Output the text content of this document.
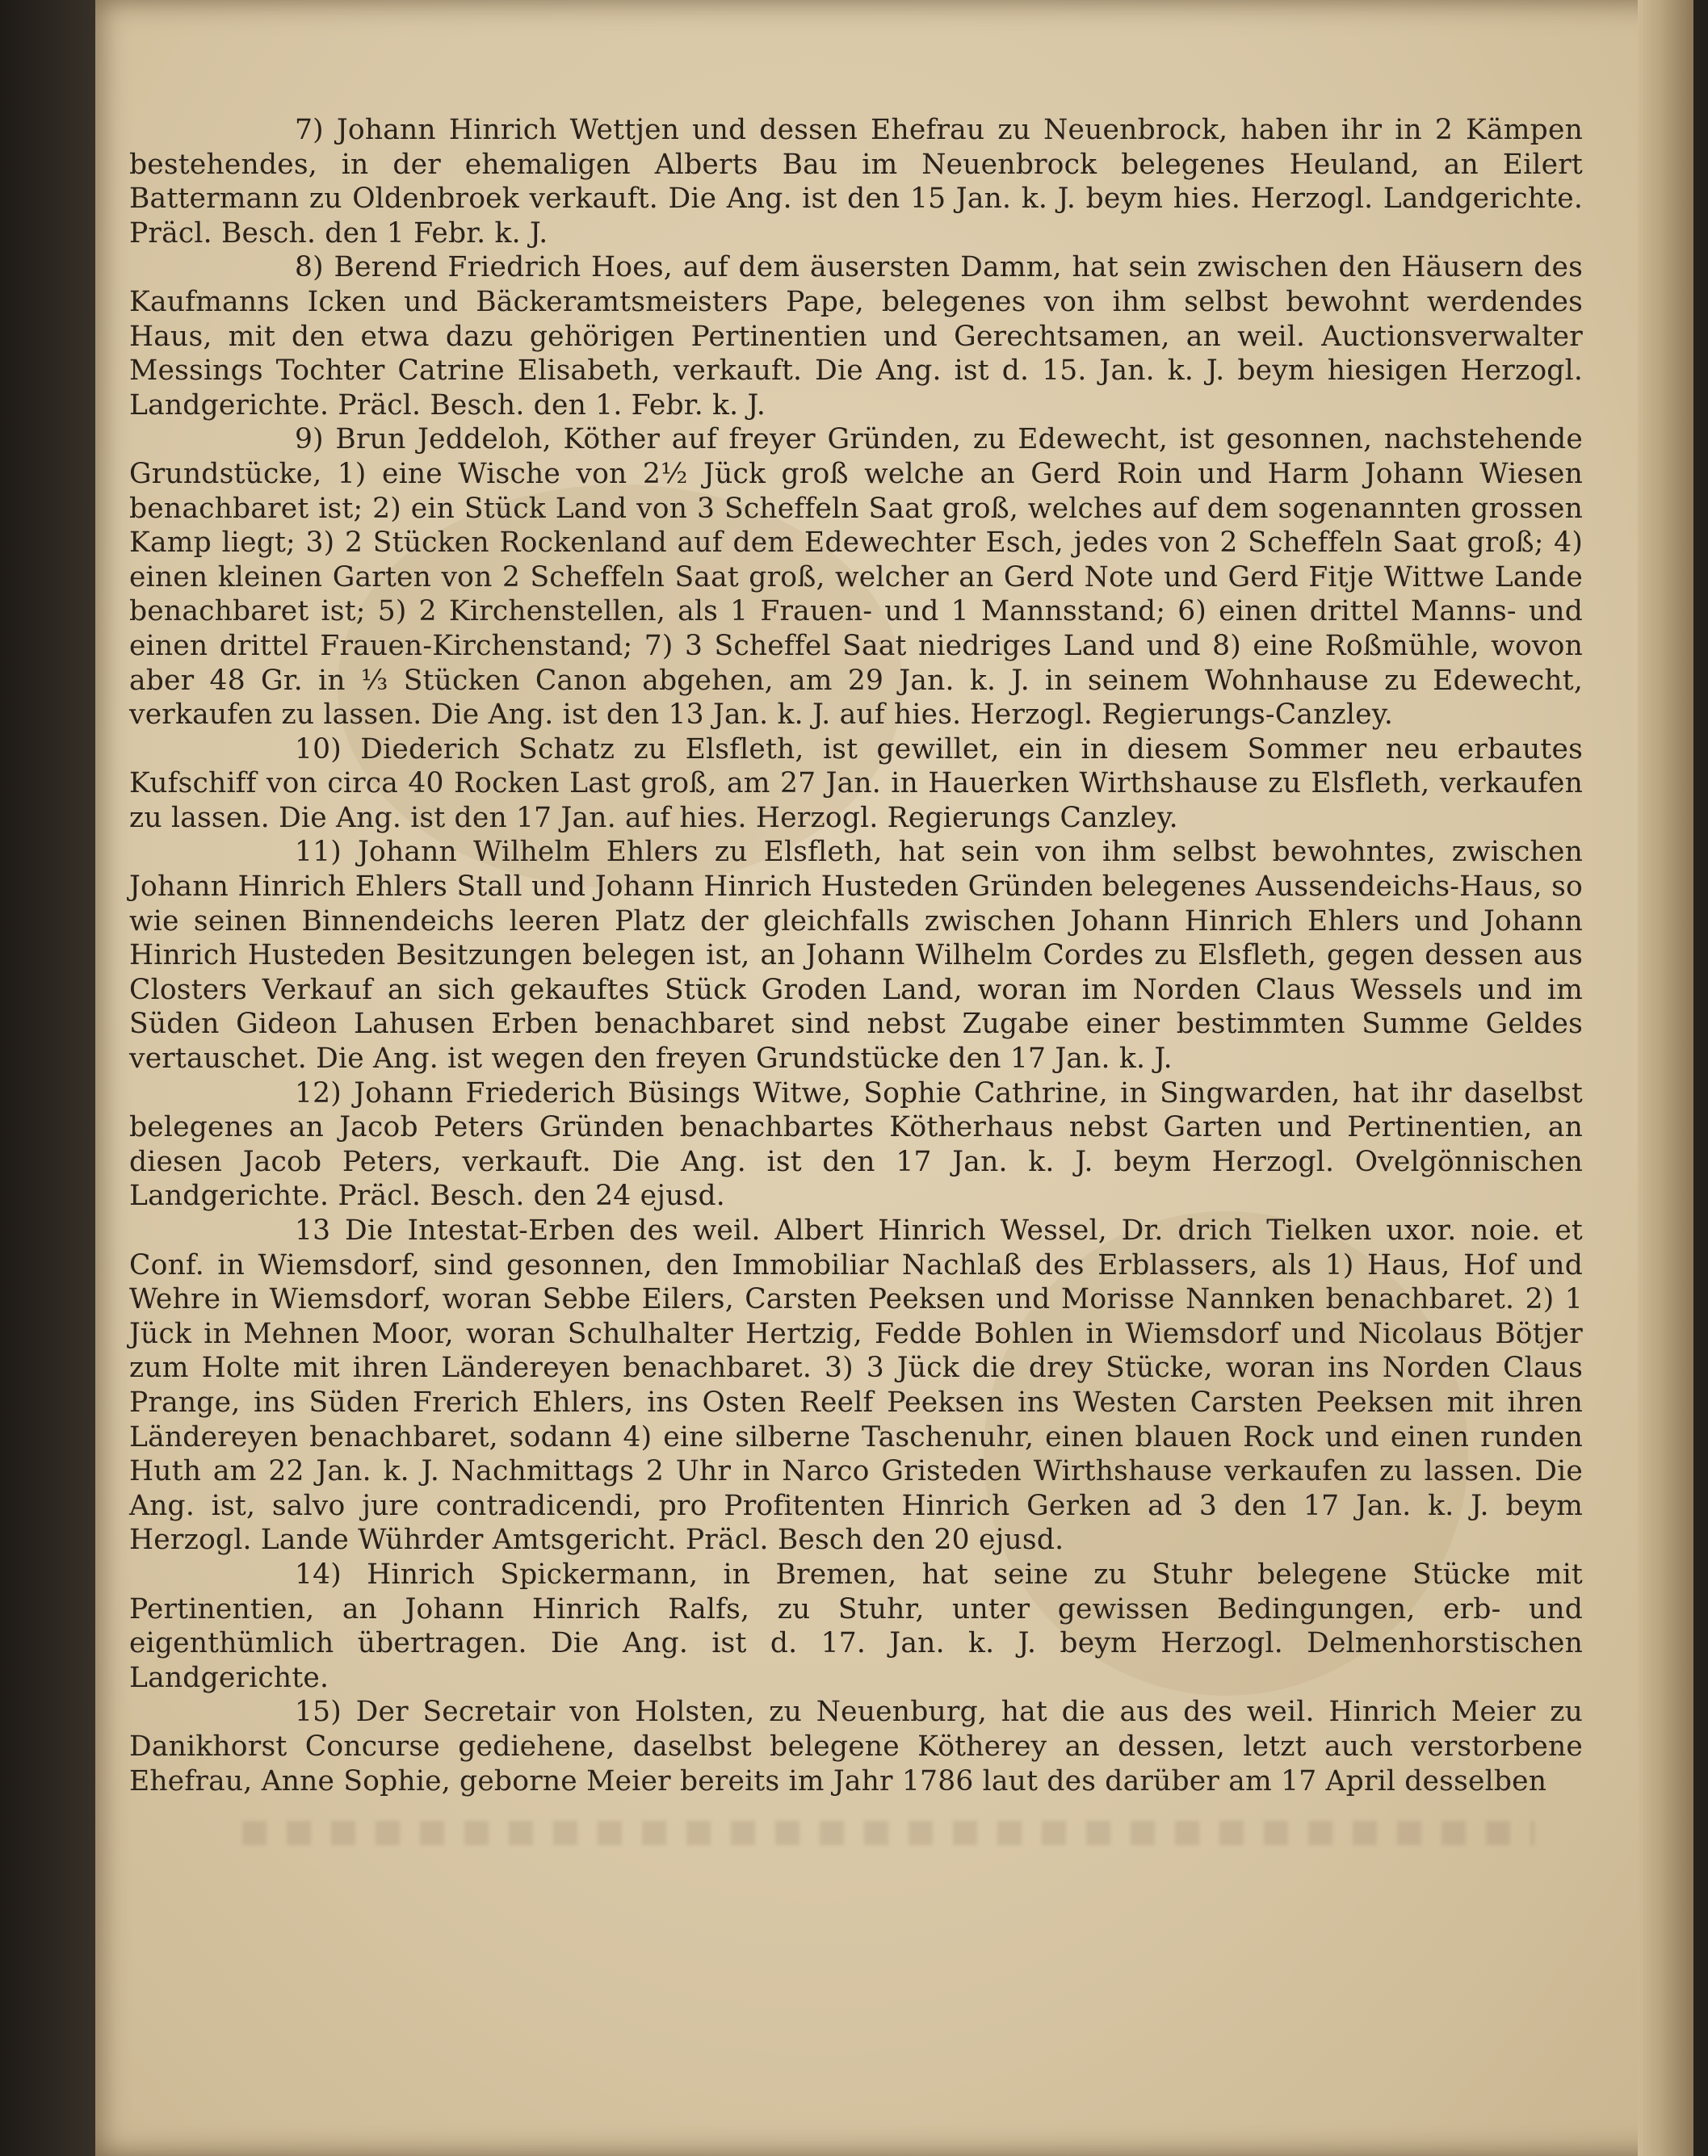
7) Johann Hinrich Wettjen und dessen Ehefrau zu Neuenbrock, haben ihr in 2 Kämpen bestehendes, in der ehemaligen Alberts Bau im Neuenbrock belegenes Heuland, an Eilert Battermann zu Oldenbroek verkauft. Die Ang. ist den 15 Jan. k. J. beym hies. Herzogl. Landgerichte. Präcl. Besch. den 1 Febr. k. J.

8) Berend Friedrich Hoes, auf dem äusersten Damm, hat sein zwischen den Häusern des Kaufmanns Icken und Bäckeramtsmeisters Pape, belegenes von ihm selbst bewohnt werdendes Haus, mit den etwa dazu gehörigen Pertinentien und Gerechtsamen, an weil. Auctionsverwalter Messings Tochter Catrine Elisabeth, verkauft. Die Ang. ist d. 15. Jan. k. J. beym hiesigen Herzogl. Landgerichte. Präcl. Besch. den 1. Febr. k. J.

9) Brun Jeddeloh, Köther auf freyer Gründen, zu Edewecht, ist gesonnen, nachstehende Grundstücke, 1) eine Wische von 2½ Jück groß welche an Gerd Roin und Harm Johann Wiesen benachbaret ist; 2) ein Stück Land von 3 Scheffeln Saat groß, welches auf dem sogenannten grossen Kamp liegt; 3) 2 Stücken Rockenland auf dem Edewechter Esch, jedes von 2 Scheffeln Saat groß; 4) einen kleinen Garten von 2 Scheffeln Saat groß, welcher an Gerd Note und Gerd Fitje Wittwe Lande benachbaret ist; 5) 2 Kirchenstellen, als 1 Frauen- und 1 Mannsstand; 6) einen drittel Manns- und einen drittel Frauen-Kirchenstand; 7) 3 Scheffel Saat niedriges Land und 8) eine Roßmühle, wovon aber 48 Gr. in ⅓ Stücken Canon abgehen, am 29 Jan. k. J. in seinem Wohnhause zu Edewecht, verkaufen zu lassen. Die Ang. ist den 13 Jan. k. J. auf hies. Herzogl. Regierungs-Canzley.

10) Diederich Schatz zu Elsfleth, ist gewillet, ein in diesem Sommer neu erbautes Kufschiff von circa 40 Rocken Last groß, am 27 Jan. in Hauerken Wirthshause zu Elsfleth, verkaufen zu lassen. Die Ang. ist den 17 Jan. auf hies. Herzogl. Regierungs Canzley.

11) Johann Wilhelm Ehlers zu Elsfleth, hat sein von ihm selbst bewohntes, zwischen Johann Hinrich Ehlers Stall und Johann Hinrich Husteden Gründen belegenes Aussendeichs-Haus, so wie seinen Binnendeichs leeren Platz der gleichfalls zwischen Johann Hinrich Ehlers und Johann Hinrich Husteden Besitzungen belegen ist, an Johann Wilhelm Cordes zu Elsfleth, gegen dessen aus Closters Verkauf an sich gekauftes Stück Groden Land, woran im Norden Claus Wessels und im Süden Gideon Lahusen Erben benachbaret sind nebst Zugabe einer bestimmten Summe Geldes vertauschet. Die Ang. ist wegen den freyen Grundstücke den 17 Jan. k. J.

12) Johann Friederich Büsings Witwe, Sophie Cathrine, in Singwarden, hat ihr daselbst belegenes an Jacob Peters Gründen benachbartes Kötherhaus nebst Garten und Pertinentien, an diesen Jacob Peters, verkauft. Die Ang. ist den 17 Jan. k. J. beym Herzogl. Ovelgönnischen Landgerichte. Präcl. Besch. den 24 ejusd.

13 Die Intestat-Erben des weil. Albert Hinrich Wessel, Dr. drich Tielken uxor. noie. et Conf. in Wiemsdorf, sind gesonnen, den Immobiliar Nachlaß des Erblassers, als 1) Haus, Hof und Wehre in Wiemsdorf, woran Sebbe Eilers, Carsten Peeksen und Morisse Nannken benachbaret. 2) 1 Jück in Mehnen Moor, woran Schulhalter Hertzig, Fedde Bohlen in Wiemsdorf und Nicolaus Bötjer zum Holte mit ihren Ländereyen benachbaret. 3) 3 Jück die drey Stücke, woran ins Norden Claus Prange, ins Süden Frerich Ehlers, ins Osten Reelf Peeksen ins Westen Carsten Peeksen mit ihren Ländereyen benachbaret, sodann 4) eine silberne Taschenuhr, einen blauen Rock und einen runden Huth am 22 Jan. k. J. Nachmittags 2 Uhr in Narco Gristeden Wirthshause verkaufen zu lassen. Die Ang. ist, salvo jure contradicendi, pro Profitenten Hinrich Gerken ad 3 den 17 Jan. k. J. beym Herzogl. Lande Wührder Amtsgericht. Präcl. Besch den 20 ejusd.

14) Hinrich Spickermann, in Bremen, hat seine zu Stuhr belegene Stücke mit Pertinentien, an Johann Hinrich Ralfs, zu Stuhr, unter gewissen Bedingungen, erb- und eigenthümlich übertragen. Die Ang. ist d. 17. Jan. k. J. beym Herzogl. Delmenhorstischen Landgerichte.

15) Der Secretair von Holsten, zu Neuenburg, hat die aus des weil. Hinrich Meier zu Danikhorst Concurse gediehene, daselbst belegene Kötherey an dessen, letzt auch verstorbene Ehefrau, Anne Sophie, geborne Meier bereits im Jahr 1786 laut des darüber am 17 April desselben
